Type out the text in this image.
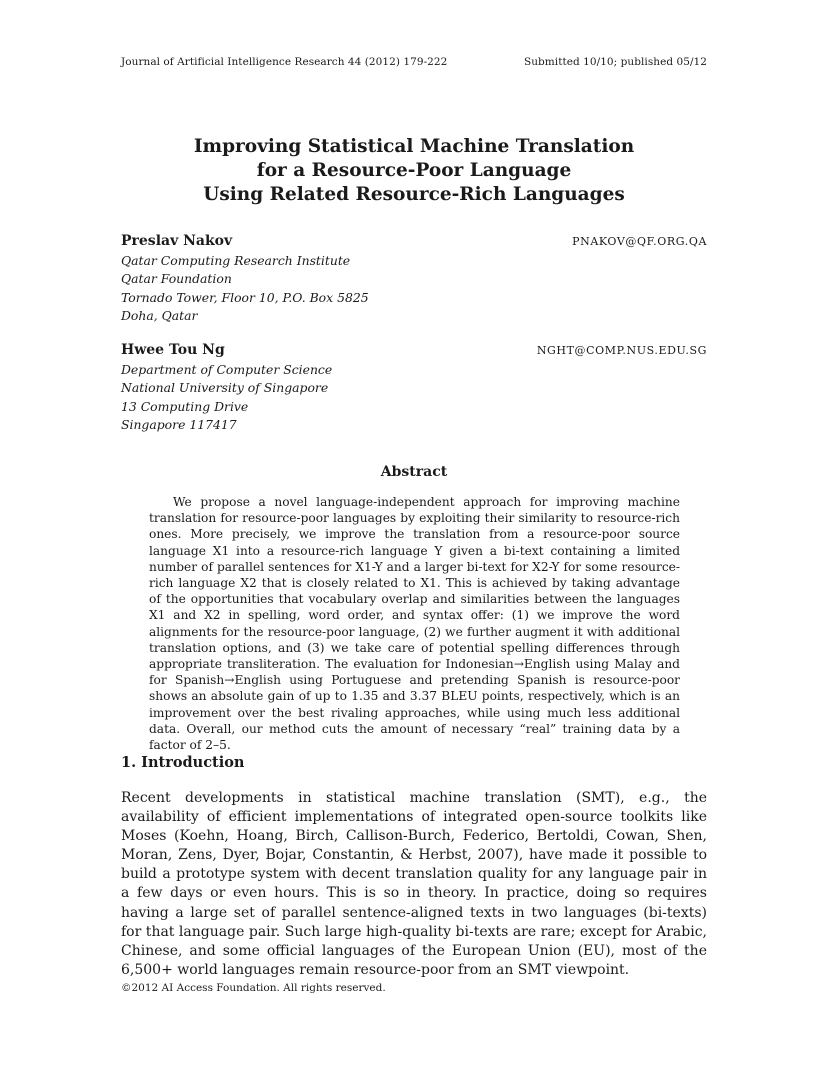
Journal of Artificial Intelligence Research 44 (2012) 179-222	Submitted 10/10; published 05/12
Improving Statistical Machine Translation
for a Resource-Poor Language
Using Related Resource-Rich Languages
Preslav Nakov	PNAKOV@QF.ORG.QA
Qatar Computing Research Institute
Qatar Foundation
Tornado Tower, Floor 10, P.O. Box 5825
Doha, Qatar
Hwee Tou Ng	NGHT@COMP.NUS.EDU.SG
Department of Computer Science
National University of Singapore
13 Computing Drive
Singapore 117417
Abstract

We propose a novel language-independent approach for improving machine translation for resource-poor languages by exploiting their similarity to resource-rich ones. More precisely, we improve the translation from a resource-poor source language X1 into a resource-rich language Y given a bi-text containing a limited number of parallel sentences for X1-Y and a larger bi-text for X2-Y for some resource-rich language X2 that is closely related to X1. This is achieved by taking advantage of the opportunities that vocabulary overlap and similarities between the languages X1 and X2 in spelling, word order, and syntax offer: (1) we improve the word alignments for the resource-poor language, (2) we further augment it with additional translation options, and (3) we take care of potential spelling differences through appropriate transliteration. The evaluation for Indonesian→English using Malay and for Spanish→English using Portuguese and pretending Spanish is resource-poor shows an absolute gain of up to 1.35 and 3.37 BLEU points, respectively, which is an improvement over the best rivaling approaches, while using much less additional data. Overall, our method cuts the amount of necessary “real” training data by a factor of 2–5.

1. Introduction

Recent developments in statistical machine translation (SMT), e.g., the availability of efficient implementations of integrated open-source toolkits like Moses (Koehn, Hoang, Birch, Callison-Burch, Federico, Bertoldi, Cowan, Shen, Moran, Zens, Dyer, Bojar, Constantin, & Herbst, 2007), have made it possible to build a prototype system with decent translation quality for any language pair in a few days or even hours. This is so in theory. In practice, doing so requires having a large set of parallel sentence-aligned texts in two languages (bi-texts) for that language pair. Such large high-quality bi-texts are rare; except for Arabic, Chinese, and some official languages of the European Union (EU), most of the 6,500+ world languages remain resource-poor from an SMT viewpoint.

©2012 AI Access Foundation. All rights reserved.
